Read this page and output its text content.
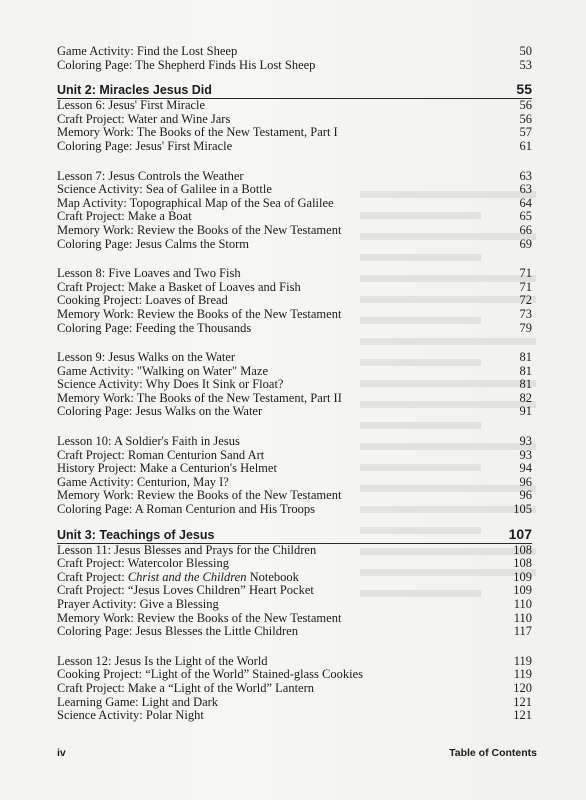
Game Activity: Find the Lost Sheep	50
Coloring Page: The Shepherd Finds His Lost Sheep	53
Unit 2: Miracles Jesus Did	55
Lesson 6: Jesus' First Miracle	56
Craft Project: Water and Wine Jars	56
Memory Work: The Books of the New Testament, Part I	57
Coloring Page: Jesus' First Miracle	61
Lesson 7: Jesus Controls the Weather	63
Science Activity: Sea of Galilee in a Bottle	63
Map Activity: Topographical Map of the Sea of Galilee	64
Craft Project: Make a Boat	65
Memory Work: Review the Books of the New Testament	66
Coloring Page: Jesus Calms the Storm	69
Lesson 8: Five Loaves and Two Fish	71
Craft Project: Make a Basket of Loaves and Fish	71
Cooking Project: Loaves of Bread	72
Memory Work: Review the Books of the New Testament	73
Coloring Page: Feeding the Thousands	79
Lesson 9: Jesus Walks on the Water	81
Game Activity: "Walking on Water" Maze	81
Science Activity: Why Does It Sink or Float?	81
Memory Work: The Books of the New Testament, Part II	82
Coloring Page: Jesus Walks on the Water	91
Lesson 10: A Soldier's Faith in Jesus	93
Craft Project: Roman Centurion Sand Art	93
History Project: Make a Centurion's Helmet	94
Game Activity: Centurion, May I?	96
Memory Work: Review the Books of the New Testament	96
Coloring Page: A Roman Centurion and His Troops	105
Unit 3: Teachings of Jesus	107
Lesson 11: Jesus Blesses and Prays for the Children	108
Craft Project: Watercolor Blessing	108
Craft Project: Christ and the Children Notebook	109
Craft Project: “Jesus Loves Children” Heart Pocket	109
Prayer Activity: Give a Blessing	110
Memory Work: Review the Books of the New Testament	110
Coloring Page: Jesus Blesses the Little Children	117
Lesson 12: Jesus Is the Light of the World	119
Cooking Project: “Light of the World” Stained-glass Cookies	119
Craft Project: Make a “Light of the World” Lantern	120
Learning Game: Light and Dark	121
Science Activity: Polar Night	121
iv	Table of Contents
